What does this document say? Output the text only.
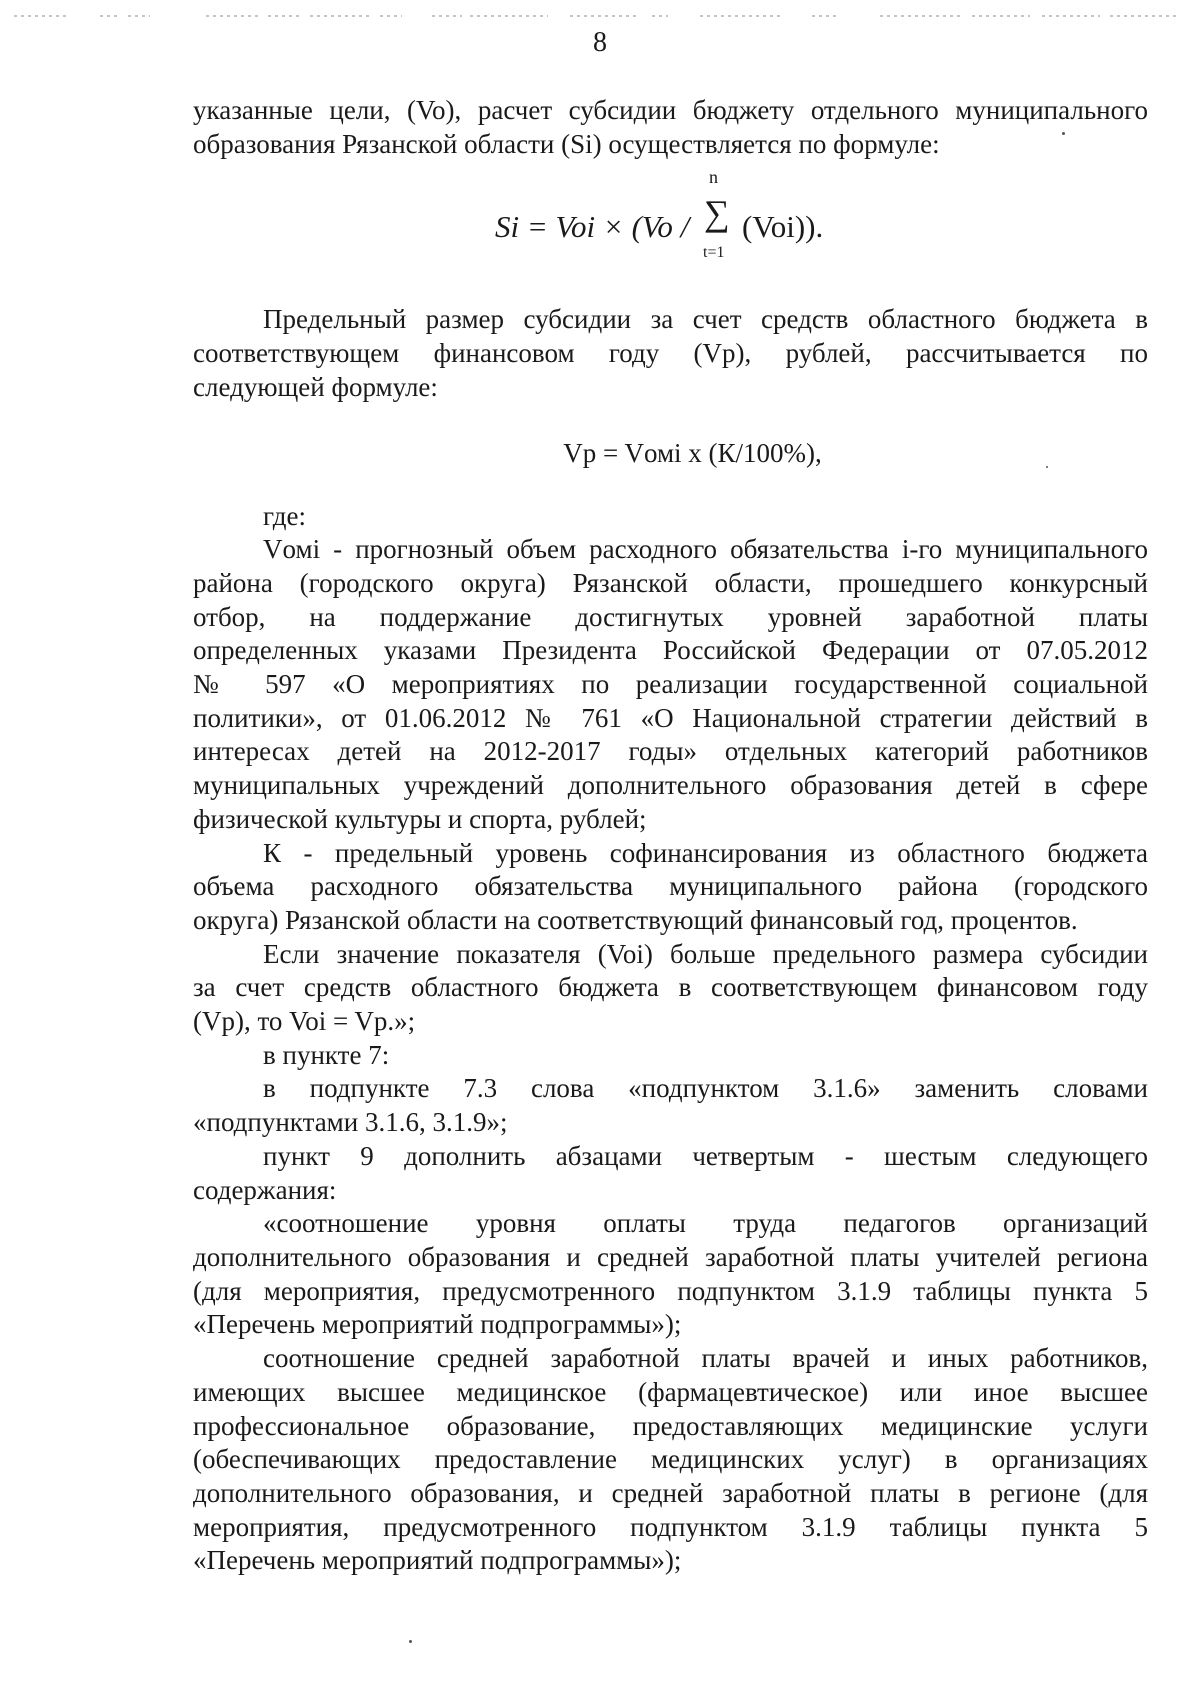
8

указанные цели, (Vo), расчет субсидии бюджету отдельного муниципального

образования Рязанской области (Si) осуществляется по формуле:

Si = Voi × (Vo /
n
∑
t=1
(Voi)).

Предельный размер субсидии за счет средств областного бюджета в

соответствующем финансовом году (Vp), рублей, рассчитывается по

следующей формуле:

Vp = Vомi x (К/100%),

где:

Vомi - прогнозный объем расходного обязательства i-го муниципального

района (городского округа) Рязанской области, прошедшего конкурсный

отбор, на поддержание достигнутых уровней заработной платы

определенных указами Президента Российской Федерации от 07.05.2012

№ 597 «О мероприятиях по реализации государственной социальной

политики», от 01.06.2012 № 761 «О Национальной стратегии действий в

интересах детей на 2012-2017 годы» отдельных категорий работников

муниципальных учреждений дополнительного образования детей в сфере

физической культуры и спорта, рублей;

К - предельный уровень софинансирования из областного бюджета

объема расходного обязательства муниципального района (городского

округа) Рязанской области на соответствующий финансовый год, процентов.

Если значение показателя (Voi) больше предельного размера субсидии

за счет средств областного бюджета в соответствующем финансовом году

(Vp), то Voi = Vp.»;

в пункте 7:

в подпункте 7.3 слова «подпунктом 3.1.6» заменить словами

«подпунктами 3.1.6, 3.1.9»;

пункт 9 дополнить абзацами четвертым - шестым следующего

содержания:

«соотношение уровня оплаты труда педагогов организаций

дополнительного образования и средней заработной платы учителей региона

(для мероприятия, предусмотренного подпунктом 3.1.9 таблицы пункта 5

«Перечень мероприятий подпрограммы»);

соотношение средней заработной платы врачей и иных работников,

имеющих высшее медицинское (фармацевтическое) или иное высшее

профессиональное образование, предоставляющих медицинские услуги

(обеспечивающих предоставление медицинских услуг) в организациях

дополнительного образования, и средней заработной платы в регионе (для

мероприятия, предусмотренного подпунктом 3.1.9 таблицы пункта 5

«Перечень мероприятий подпрограммы»);
